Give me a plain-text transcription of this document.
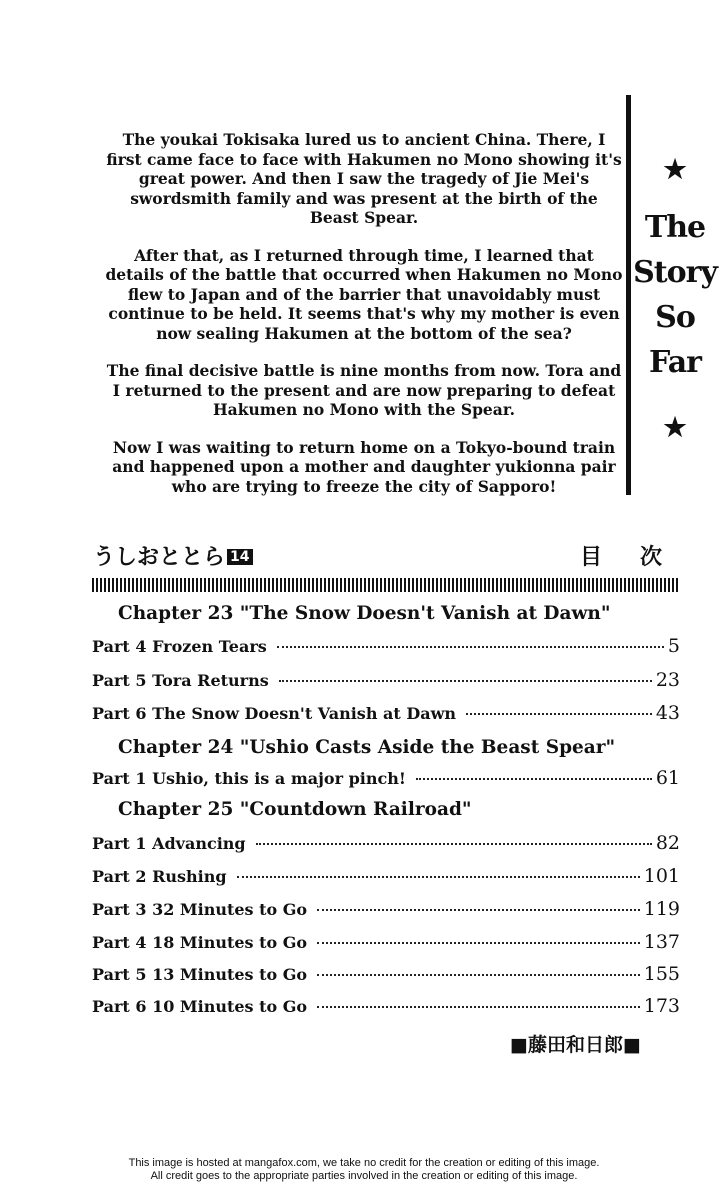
The youkai Tokisaka lured us to ancient China. There, I first came face to face with Hakumen no Mono showing it's great power. And then I saw the tragedy of Jie Mei's swordsmith family and was present at the birth of the Beast Spear.

After that, as I returned through time, I learned that details of the battle that occurred when Hakumen no Mono flew to Japan and of the barrier that unavoidably must continue to be held. It seems that's why my mother is even now sealing Hakumen at the bottom of the sea?

The final decisive battle is nine months from now. Tora and I returned to the present and are now preparing to defeat Hakumen no Mono with the Spear.

Now I was waiting to return home on a Tokyo-bound train and happened upon a mother and daughter yukionna pair who are trying to freeze the city of Sapporo!

★
The
Story
So
Far
★
うしおととら 14	目次
Chapter 23 "The Snow Doesn't Vanish at Dawn"
Part 4 Frozen Tears	5
Part 5 Tora Returns	23
Part 6 The Snow Doesn't Vanish at Dawn	43
Chapter 24 "Ushio Casts Aside the Beast Spear"
Part 1 Ushio, this is a major pinch!	61
Chapter 25 "Countdown Railroad"
Part 1 Advancing	82
Part 2 Rushing	101
Part 3 32 Minutes to Go	119
Part 4 18 Minutes to Go	137
Part 5 13 Minutes to Go	155
Part 6 10 Minutes to Go	173
■藤田和日郎■
This image is hosted at mangafox.com, we take no credit for the creation or editing of this image.
All credit goes to the appropriate parties involved in the creation or editing of this image.
